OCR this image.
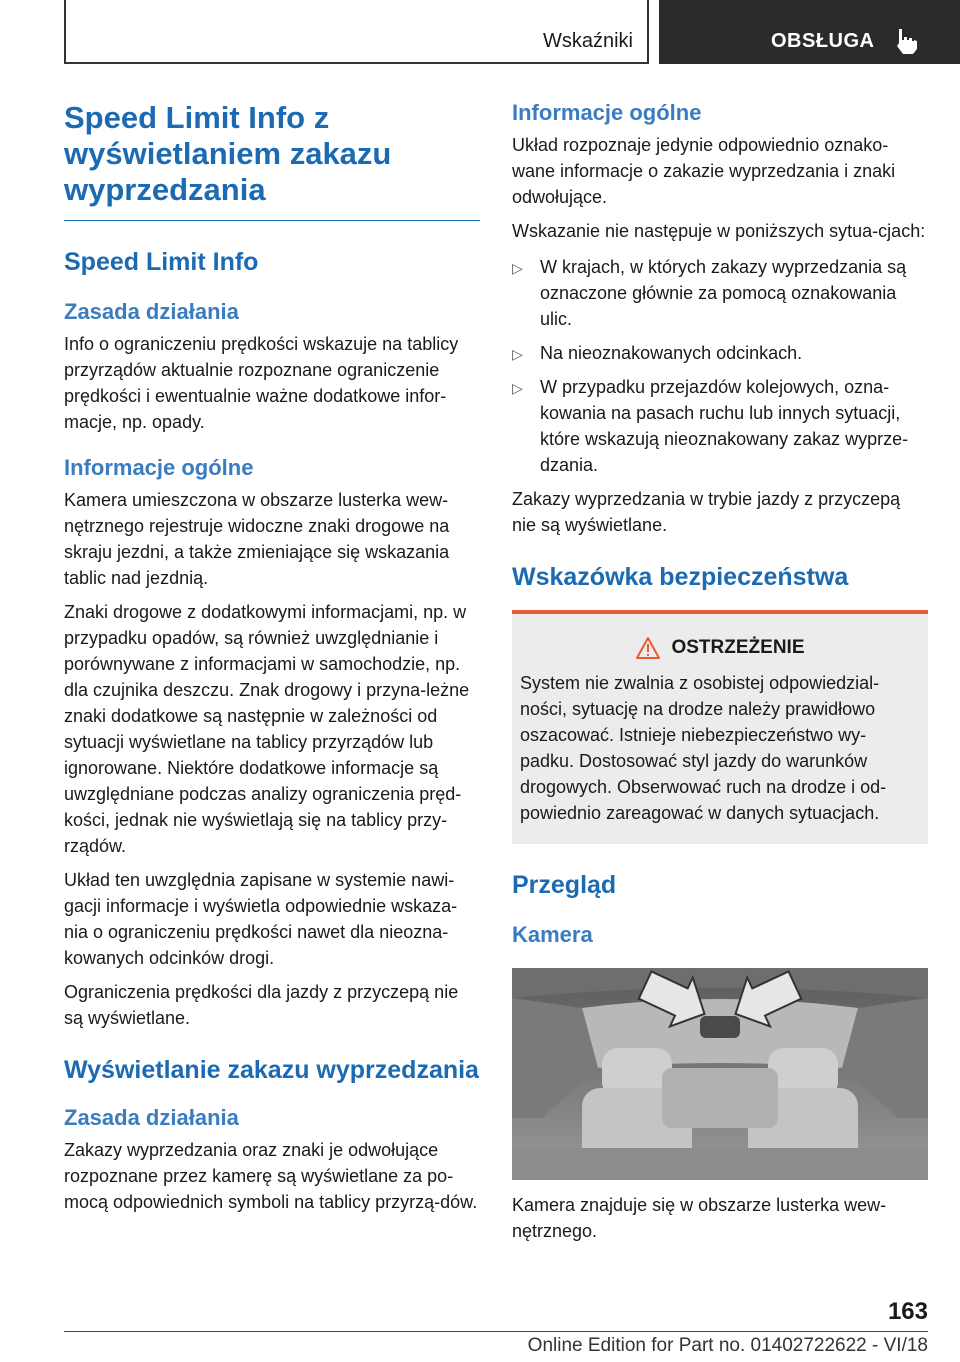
Wskaźniki	OBSŁUGA
Speed Limit Info z wyświetlaniem zakazu wyprzedzania
Speed Limit Info
Zasada działania

Info o ograniczeniu prędkości wskazuje na tablicy przyrządów aktualnie rozpoznane ograniczenie prędkości i ewentualnie ważne dodatkowe infor-macje, np. opady.

Informacje ogólne

Kamera umieszczona w obszarze lusterka wew-nętrznego rejestruje widoczne znaki drogowe na skraju jezdni, a także zmieniające się wskazania tablic nad jezdnią.

Znaki drogowe z dodatkowymi informacjami, np. w przypadku opadów, są również uwzględnianie i porównywane z informacjami w samochodzie, np. dla czujnika deszczu. Znak drogowy i przyna-leżne znaki dodatkowe są następnie w zależności od sytuacji wyświetlane na tablicy przyrządów lub ignorowane. Niektóre dodatkowe informacje są uwzględniane podczas analizy ograniczenia pręd-kości, jednak nie wyświetlają się na tablicy przy-rządów.

Układ ten uwzględnia zapisane w systemie nawi-gacji informacje i wyświetla odpowiednie wskaza-nia o ograniczeniu prędkości nawet dla nieozna-kowanych odcinków drogi.

Ograniczenia prędkości dla jazdy z przyczepą nie są wyświetlane.

Wyświetlanie zakazu wyprzedzania
Zasada działania

Zakazy wyprzedzania oraz znaki je odwołujące rozpoznane przez kamerę są wyświetlane za po-mocą odpowiednich symboli na tablicy przyrzą-dów.

Informacje ogólne

Układ rozpoznaje jedynie odpowiednio oznako-wane informacje o zakazie wyprzedzania i znaki odwołujące.

Wskazanie nie następuje w poniższych sytua-cjach:

▷ W krajach, w których zakazy wyprzedzania są oznaczone głównie za pomocą oznakowania ulic.
▷ Na nieoznakowanych odcinkach.
▷ W przypadku przejazdów kolejowych, ozna-kowania na pasach ruchu lub innych sytuacji, które wskazują nieoznakowany zakaz wyprze-dzania.

Zakazy wyprzedzania w trybie jazdy z przyczepą nie są wyświetlane.

Wskazówka bezpieczeństwa
OSTRZEŻENIE

System nie zwalnia z osobistej odpowiedzial-ności, sytuację na drodze należy prawidłowo oszacować. Istnieje niebezpieczeństwo wy-padku. Dostosować styl jazdy do warunków drogowych. Obserwować ruch na drodze i od-powiednio zareagować w danych sytuacjach.

Przegląd
Kamera

Kamera znajduje się w obszarze lusterka wew-nętrznego.

163
Online Edition for Part no. 01402722622 - VI/18
